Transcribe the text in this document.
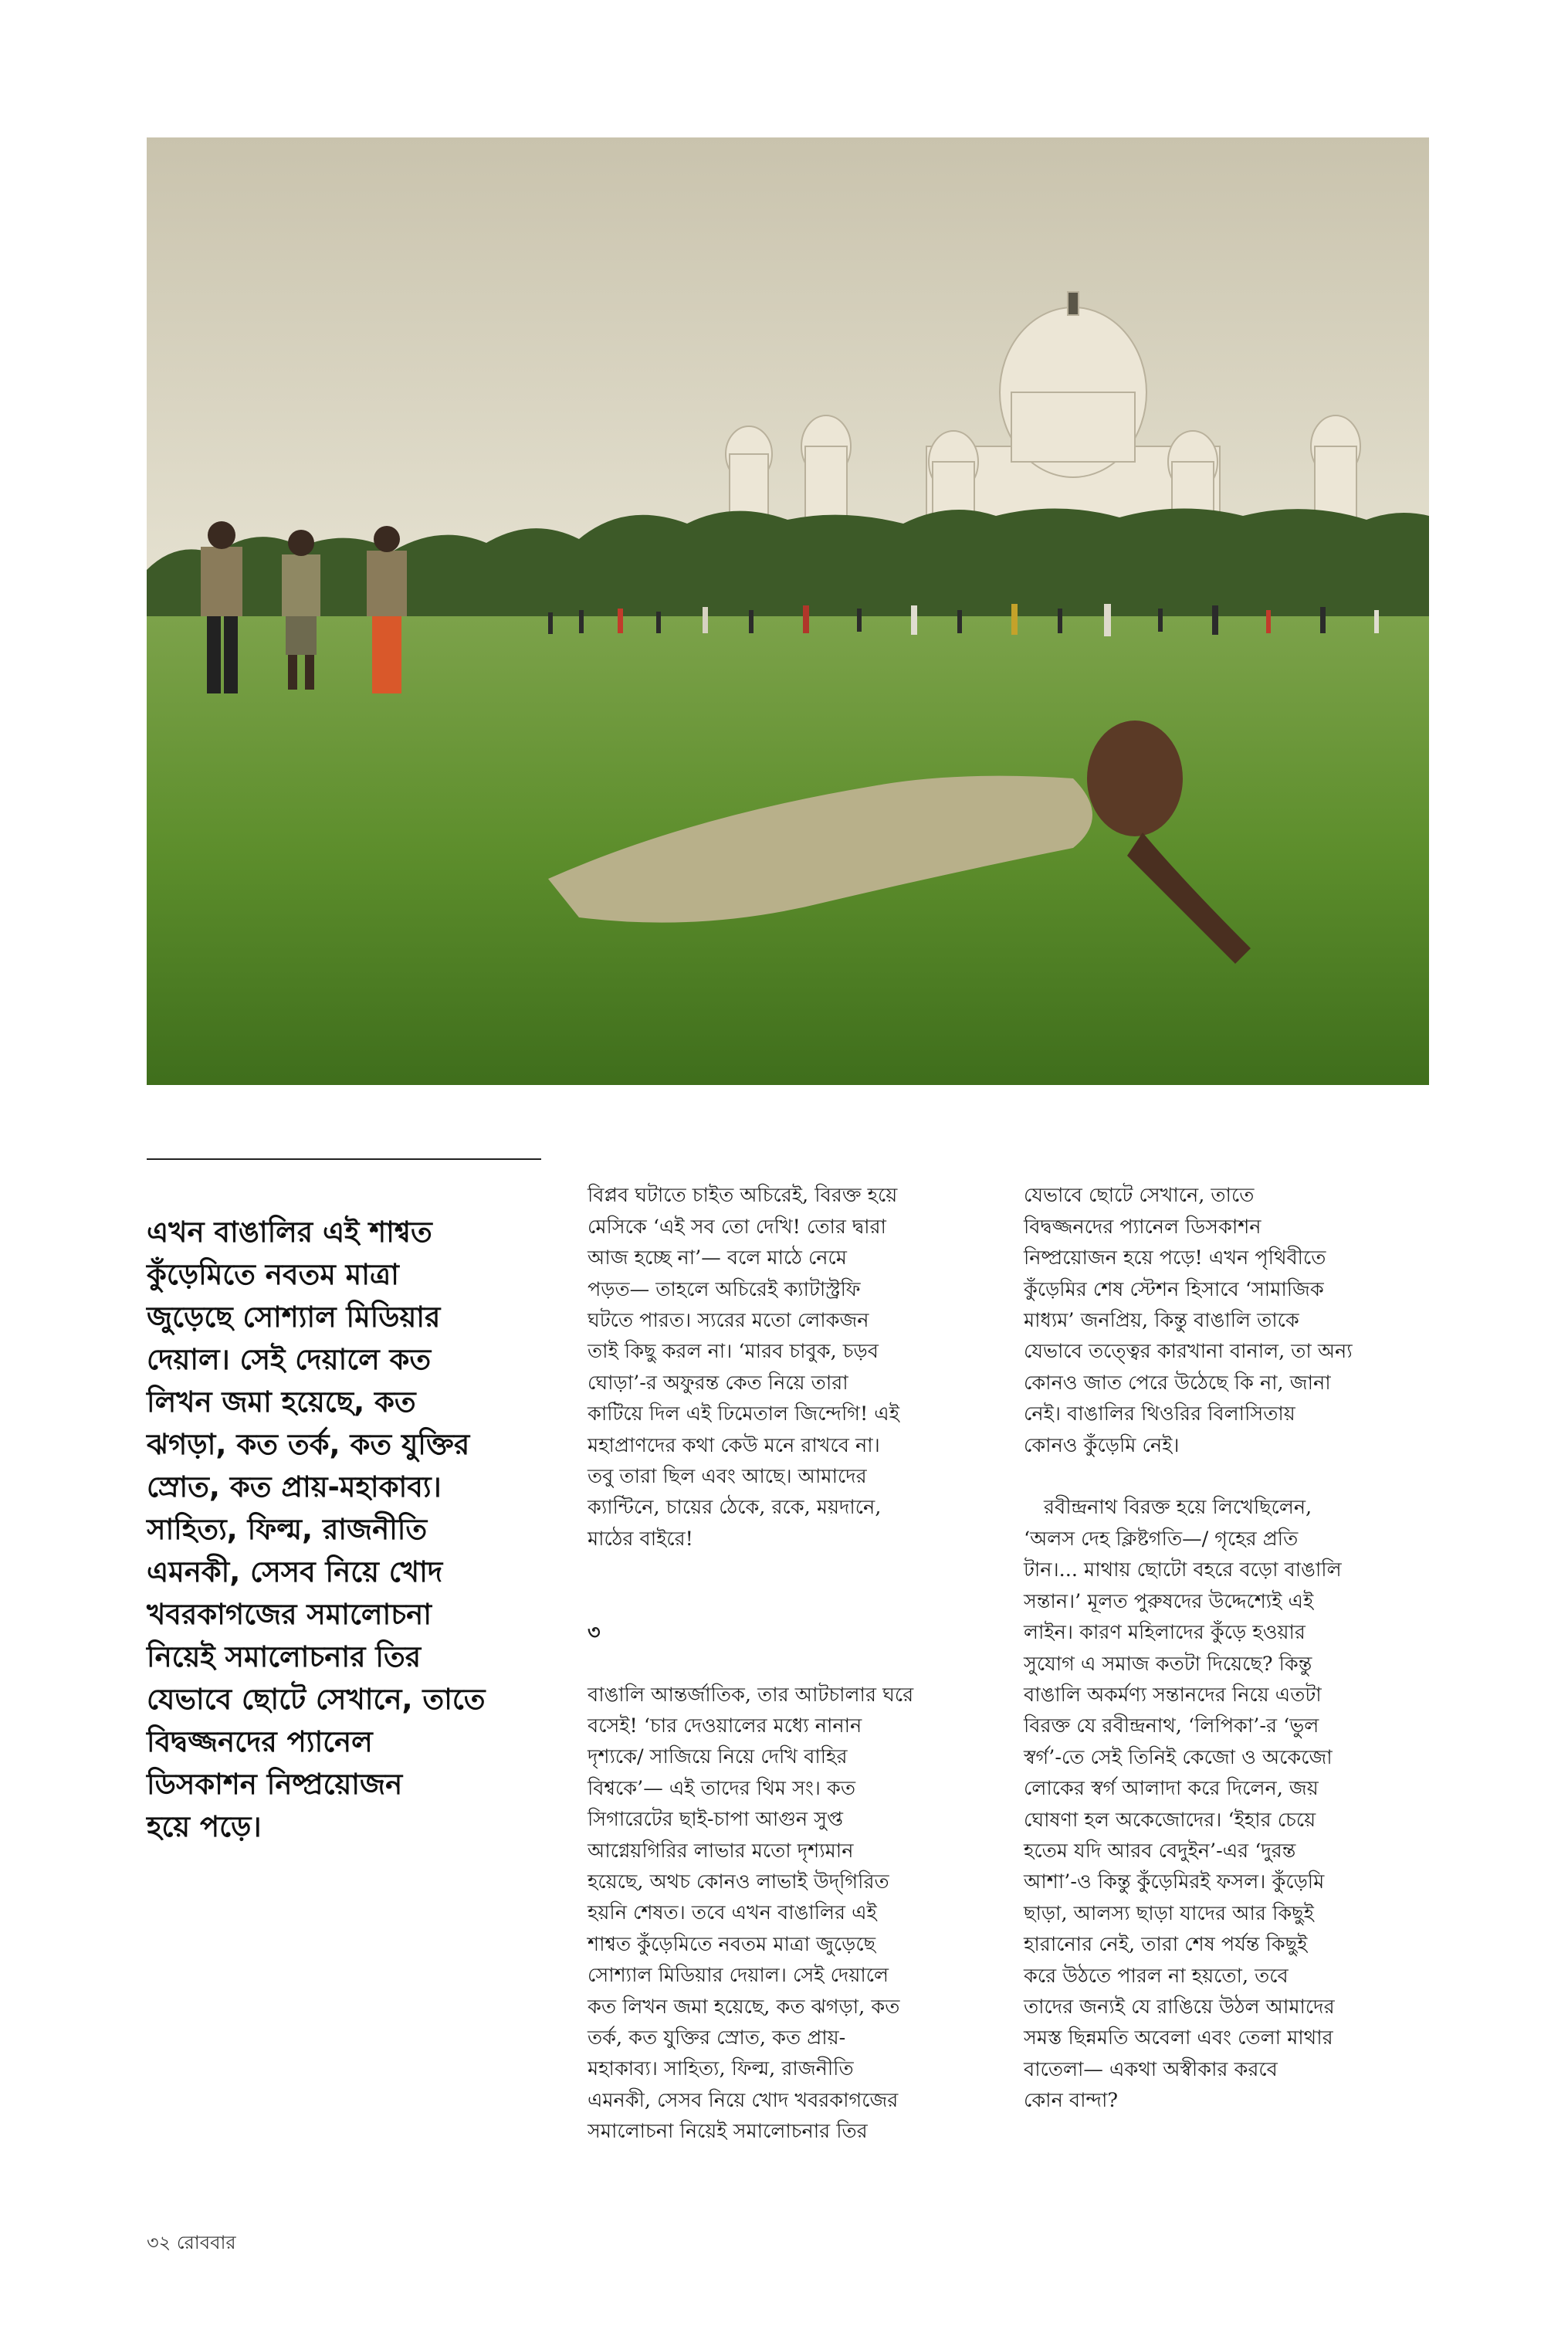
এখন বাঙালির এই শাশ্বত
কুঁড়েমিতে নবতম মাত্রা
জুড়েছে সোশ্যাল মিডিয়ার
দেয়াল। সেই দেয়ালে কত
লিখন জমা হয়েছে, কত
ঝগড়া, কত তর্ক, কত যুক্তির
স্রোত, কত প্রায়-মহাকাব্য।
সাহিত্য, ফিল্ম, রাজনীতি
এমনকী, সেসব নিয়ে খোদ
খবরকাগজের সমালোচনা
নিয়েই সমালোচনার তির
যেভাবে ছোটে সেখানে, তাতে
বিদ্বজ্জনদের প্যানেল
ডিসকাশন নিষ্প্রয়োজন
হয়ে পড়ে।

বিপ্লব ঘটাতে চাইত অচিরেই, বিরক্ত হয়ে
মেসিকে ‘এই সব তো দেখি! তোর দ্বারা
আজ হচ্ছে না’— বলে মাঠে নেমে
পড়ত— তাহলে অচিরেই ক্যাটাস্ট্রফি
ঘটতে পারত। স্যরের মতো লোকজন
তাই কিছু করল না। ‘মারব চাবুক, চড়ব
ঘোড়া’-র অফুরন্ত কেত নিয়ে তারা
কাটিয়ে দিল এই ঢিমেতাল জিন্দেগি! এই
মহাপ্রাণদের কথা কেউ মনে রাখবে না।
তবু তারা ছিল এবং আছে। আমাদের
ক্যান্টিনে, চায়ের ঠেকে, রকে, ময়দানে,
মাঠের বাইরে!

৩

বাঙালি আন্তর্জাতিক, তার আটচালার ঘরে
বসেই! ‘চার দেওয়ালের মধ্যে নানান
দৃশ্যকে/ সাজিয়ে নিয়ে দেখি বাহির
বিশ্বকে’— এই তাদের থিম সং। কত
সিগারেটের ছাই-চাপা আগুন সুপ্ত
আগ্নেয়গিরির লাভার মতো দৃশ্যমান
হয়েছে, অথচ কোনও লাভাই উদ্‌গিরিত
হয়নি শেষত। তবে এখন বাঙালির এই
শাশ্বত কুঁড়েমিতে নবতম মাত্রা জুড়েছে
সোশ্যাল মিডিয়ার দেয়াল। সেই দেয়ালে
কত লিখন জমা হয়েছে, কত ঝগড়া, কত
তর্ক, কত যুক্তির স্রোত, কত প্রায়-
মহাকাব্য। সাহিত্য, ফিল্ম, রাজনীতি
এমনকী, সেসব নিয়ে খোদ খবরকাগজের
সমালোচনা নিয়েই সমালোচনার তির

যেভাবে ছোটে সেখানে, তাতে
বিদ্বজ্জনদের প্যানেল ডিসকাশন
নিষ্প্রয়োজন হয়ে পড়ে! এখন পৃথিবীতে
কুঁড়েমির শেষ স্টেশন হিসাবে ‘সামাজিক
মাধ্যম’ জনপ্রিয়, কিন্তু বাঙালি তাকে
যেভাবে তত্ত্বের কারখানা বানাল, তা অন্য
কোনও জাত পেরে উঠেছে কি না, জানা
নেই। বাঙালির থিওরির বিলাসিতায়
কোনও কুঁড়েমি নেই।

রবীন্দ্রনাথ বিরক্ত হয়ে লিখেছিলেন,
‘অলস দেহ ক্লিষ্টগতি—/ গৃহের প্রতি
টান।... মাথায় ছোটো বহরে বড়ো বাঙালি
সন্তান।’ মূলত পুরুষদের উদ্দেশ্যেই এই
লাইন। কারণ মহিলাদের কুঁড়ে হওয়ার
সুযোগ এ সমাজ কতটা দিয়েছে? কিন্তু
বাঙালি অকর্মণ্য সন্তানদের নিয়ে এতটা
বিরক্ত যে রবীন্দ্রনাথ, ‘লিপিকা’-র ‘ভুল
স্বর্গ’-তে সেই তিনিই কেজো ও অকেজো
লোকের স্বর্গ আলাদা করে দিলেন, জয়
ঘোষণা হল অকেজোদের। ‘ইহার চেয়ে
হতেম যদি আরব বেদুইন’-এর ‘দুরন্ত
আশা’-ও কিন্তু কুঁড়েমিরই ফসল। কুঁড়েমি
ছাড়া, আলস্য ছাড়া যাদের আর কিছুই
হারানোর নেই, তারা শেষ পর্যন্ত কিছুই
করে উঠতে পারল না হয়তো, তবে
তাদের জন্যই যে রাঙিয়ে উঠল আমাদের
সমস্ত ছিন্নমতি অবেলা এবং তেলা মাথার
বাতেলা— একথা অস্বীকার করবে
কোন বান্দা?

৩২ রোববার
